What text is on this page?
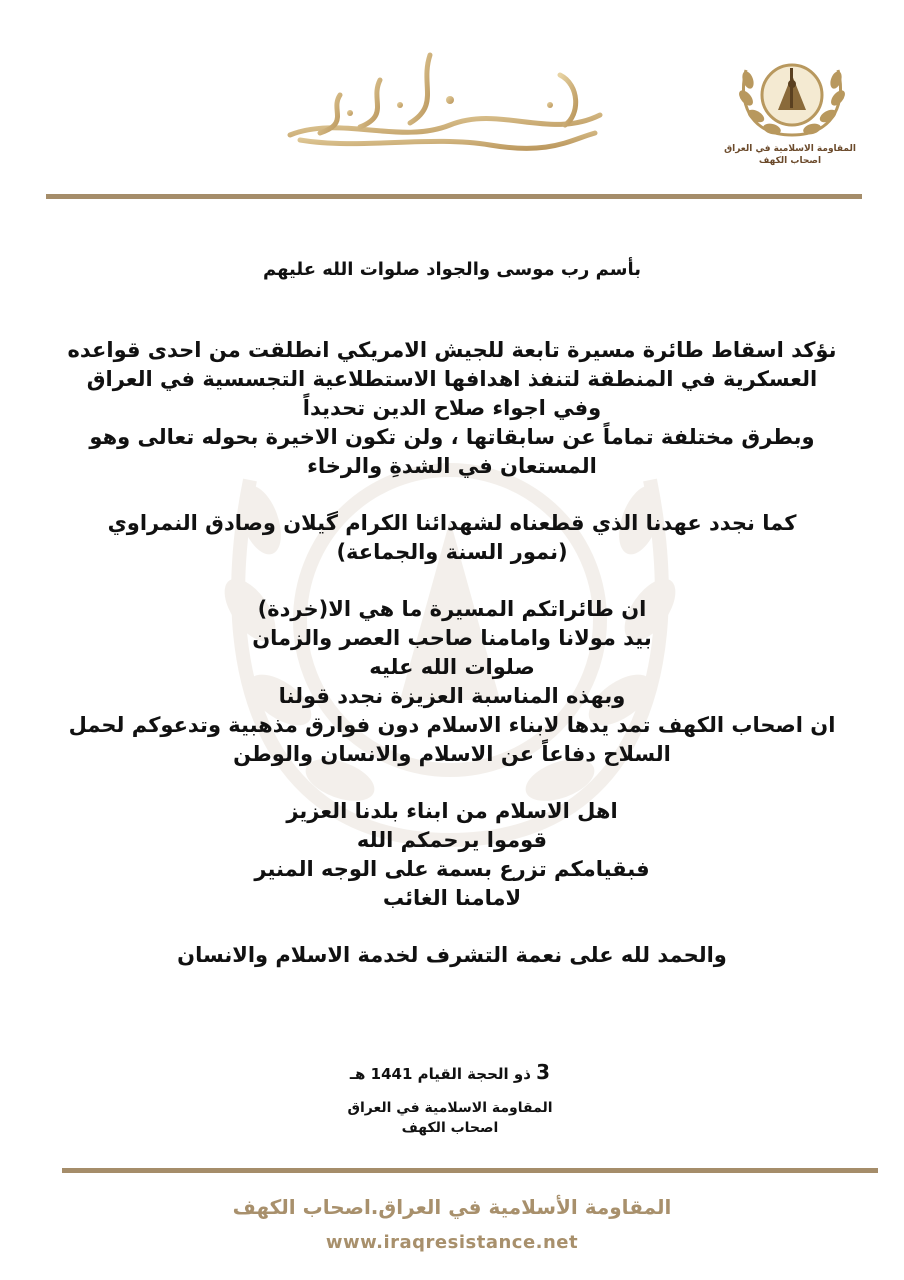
المقاومة الاسلامية في العراق
اصحاب الكهف
بأسم رب موسى والجواد صلوات الله عليهم
نؤكد اسقاط طائرة مسيرة تابعة للجيش الامريكي انطلقت من احدى قواعده
العسكرية في المنطقة لتنفذ اهدافها الاستطلاعية التجسسية في العراق
وفي اجواء صلاح الدين تحديداً
وبطرق مختلفة تماماً عن سابقاتها ، ولن تكون الاخيرة بحوله تعالى وهو
المستعان في الشدةِ والرخاء
كما نجدد عهدنا الذي قطعناه لشهدائنا الكرام گيلان وصادق النمراوي
(نمور السنة والجماعة)
ان طائراتكم المسيرة ما هي الا(خردة)
بيد مولانا وامامنا صاحب العصر والزمان
صلوات الله عليه
وبهذه المناسبة العزيزة نجدد قولنا
ان اصحاب الكهف تمد يدها لابناء الاسلام دون فوارق مذهبية وتدعوكم لحمل
السلاح دفاعاً عن الاسلام والانسان والوطن
اهل الاسلام من ابناء بلدنا العزيز
قوموا يرحمكم الله
فبقيامكم تزرع بسمة على الوجه المنير
لامامنا الغائب
والحمد لله على نعمة التشرف لخدمة الاسلام والانسان
3 ذو الحجة القيام 1441 هـ
المقاومة الاسلامية في العراق
اصحاب الكهف
المقاومة الأسلامية في العراق.اصحاب الكهف
www.iraqresistance.net
